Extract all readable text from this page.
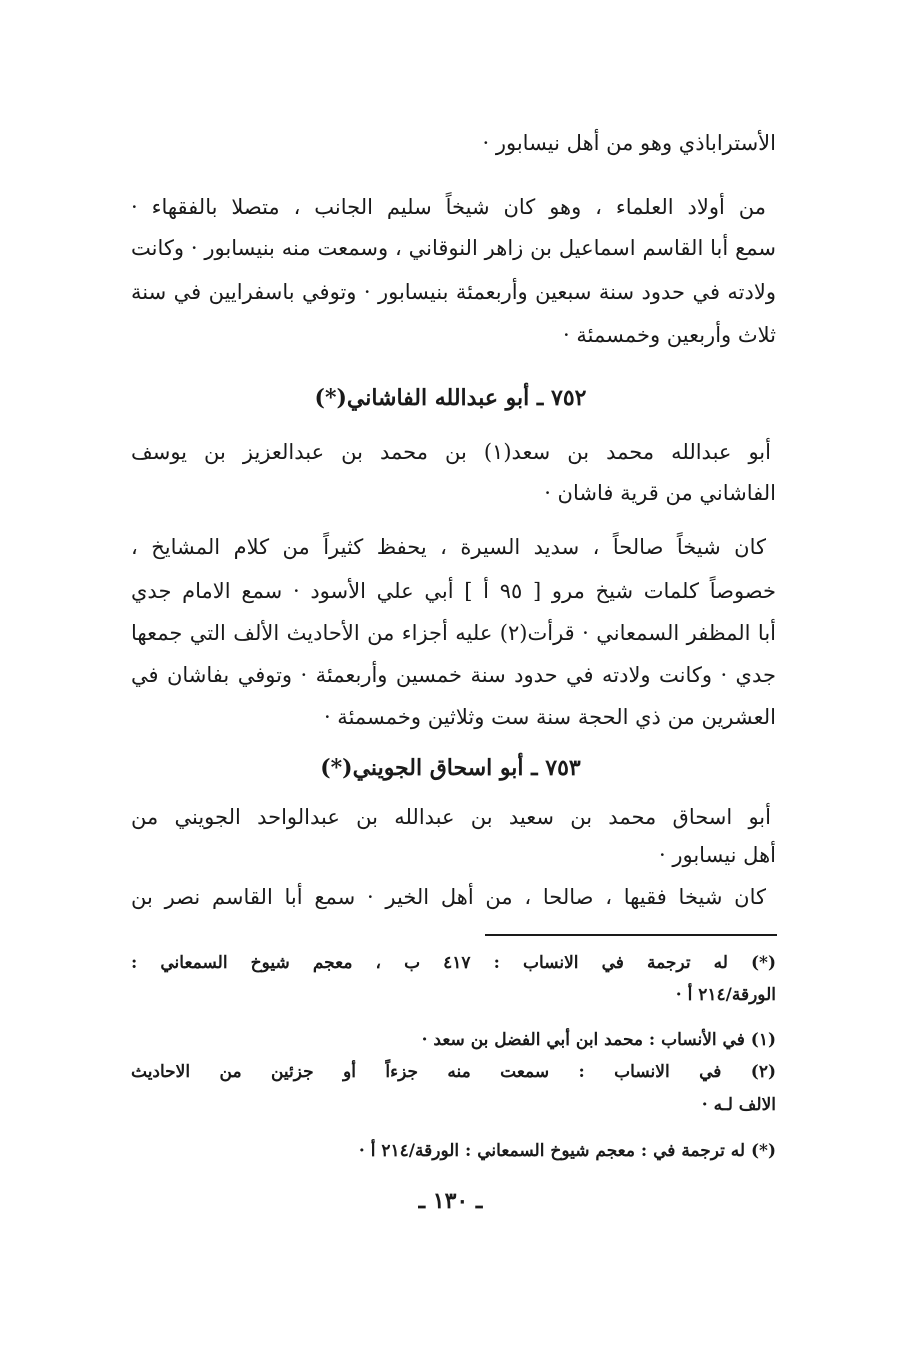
الأستراباذي وهو من أهل نيسابور ·
من أولاد العلماء ، وهو كان شيخاً سليم الجانب ، متصلا بالفقهاء ·
سمع أبا القاسم اسماعيل بن زاهر النوقاني ، وسمعت منه بنيسابور · وكانت
ولادته في حدود سنة سبعين وأربعمئة بنيسابور · وتوفي باسفرايين في سنة
ثلاث وأربعين وخمسمئة ·
٧٥٢ ـ أبو عبدالله الفاشاني(*)
أبو عبدالله محمد بن سعد(١) بن محمد بن عبدالعزيز بن يوسف
الفاشاني من قرية فاشان ·
كان شيخاً صالحاً ، سديد السيرة ، يحفظ كثيراً من كلام المشايخ ،
خصوصاً كلمات شيخ مرو [ ٩٥ أ ] أبي علي الأسود · سمع الامام جدي
أبا المظفر السمعاني · قرأت(٢) عليه أجزاء من الأحاديث الألف التي جمعها
جدي · وكانت ولادته في حدود سنة خمسين وأربعمئة · وتوفي بفاشان في
العشرين من ذي الحجة سنة ست وثلاثين وخمسمئة ·
٧٥٣ ـ أبو اسحاق الجويني(*)
أبو اسحاق محمد بن سعيد بن عبدالله بن عبدالواحد الجويني من
أهل نيسابور ·
كان شيخا فقيها ، صالحا ، من أهل الخير · سمع أبا القاسم نصر بن
(*) له ترجمة في الانساب : ٤١٧ ب ، معجم شيوخ السمعاني :
الورقة/٢١٤ أ ·
(١) في الأنساب : محمد ابن أبي الفضل بن سعد ·
(٢) في الانساب : سمعت منه جزءاً أو جزئين من الاحاديث
الالف لـه ·
(*) له ترجمة في : معجم شيوخ السمعاني : الورقة/٢١٤ أ ·
ـ ١٣٠ ـ
